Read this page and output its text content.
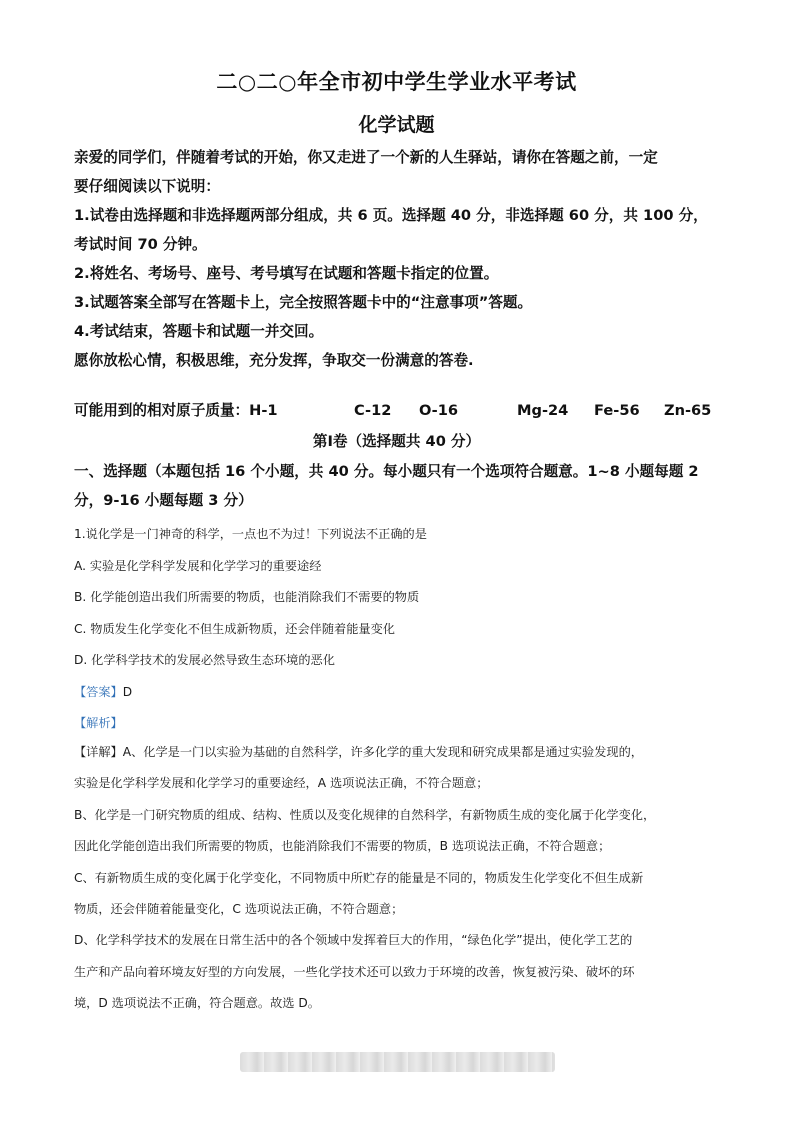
二○二○年全市初中学生学业水平考试
化学试题

亲爱的同学们，伴随着考试的开始，你又走进了一个新的人生驿站，请你在答题之前，一定

要仔细阅读以下说明：

1.试卷由选择题和非选择题两部分组成，共 6 页。选择题 40 分，非选择题 60 分，共 100 分，

考试时间 70 分钟。

2.将姓名、考场号、座号、考号填写在试题和答题卡指定的位置。

3.试题答案全部写在答题卡上，完全按照答题卡中的“注意事项”答题。

4.考试结束，答题卡和试题一并交回。

愿你放松心情，积极思维，充分发挥，争取交一份满意的答卷.

可能用到的相对原子质量：H-1	C-12 O-16	Mg-24 Fe-56 Zn-65
第Ⅰ卷（选择题共 40 分）

一、选择题（本题包括 16 个小题，共 40 分。每小题只有一个选项符合题意。1~8 小题每题 2

分，9-16 小题每题 3 分）

1.说化学是一门神奇的科学，一点也不为过！下列说法不正确的是

A. 实验是化学科学发展和化学学习的重要途经

B. 化学能创造出我们所需要的物质，也能消除我们不需要的物质

C. 物质发生化学变化不但生成新物质，还会伴随着能量变化

D. 化学科学技术的发展必然导致生态环境的恶化

【答案】D

【解析】

【详解】A、化学是一门以实验为基础的自然科学，许多化学的重大发现和研究成果都是通过实验发现的，

实验是化学科学发展和化学学习的重要途经，A 选项说法正确，不符合题意；

B、化学是一门研究物质的组成、结构、性质以及变化规律的自然科学，有新物质生成的变化属于化学变化，

因此化学能创造出我们所需要的物质，也能消除我们不需要的物质，B 选项说法正确，不符合题意；

C、有新物质生成的变化属于化学变化，不同物质中所贮存的能量是不同的，物质发生化学变化不但生成新

物质，还会伴随着能量变化，C 选项说法正确，不符合题意；

D、化学科学技术的发展在日常生活中的各个领域中发挥着巨大的作用，“绿色化学”提出，使化学工艺的

生产和产品向着环境友好型的方向发展，一些化学技术还可以致力于环境的改善，恢复被污染、破坏的环

境，D 选项说法不正确，符合题意。故选 D。
